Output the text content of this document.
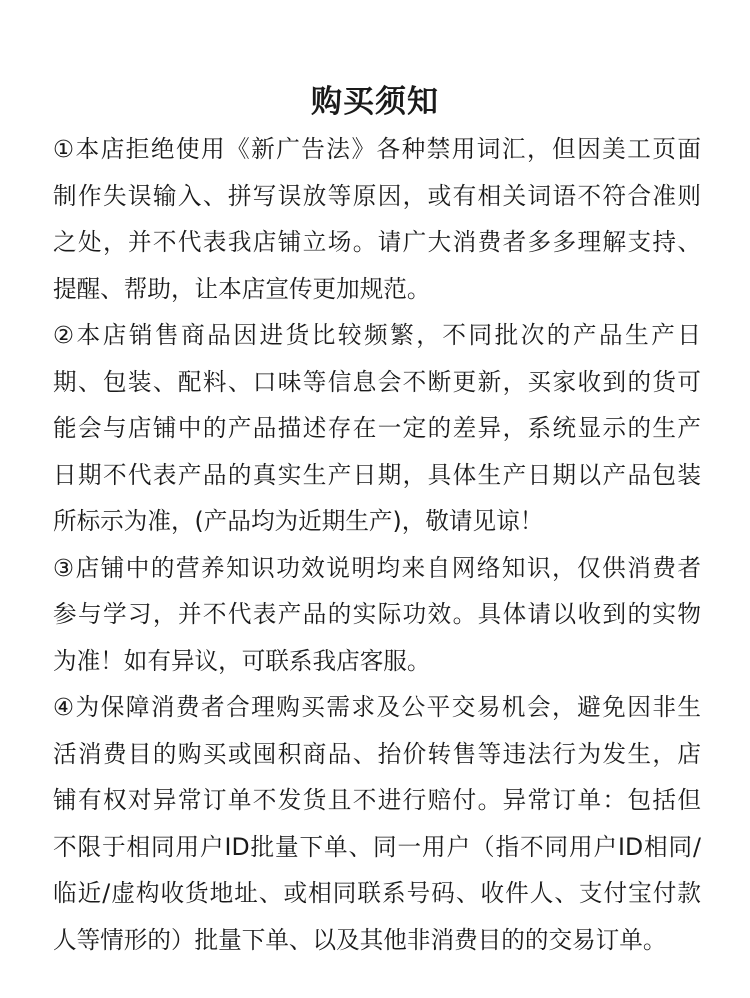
购买须知
①本店拒绝使用《新广告法》各种禁用词汇，但因美工页面
制作失误输入、拼写误放等原因，或有相关词语不符合准则
之处，并不代表我店铺立场。请广大消费者多多理解支持、
提醒、帮助，让本店宣传更加规范。
②本店销售商品因进货比较频繁，不同批次的产品生产日
期、包装、配料、口味等信息会不断更新，买家收到的货可
能会与店铺中的产品描述存在一定的差异，系统显示的生产
日期不代表产品的真实生产日期，具体生产日期以产品包装
所标示为准，(产品均为近期生产)，敬请见谅！
③店铺中的营养知识功效说明均来自网络知识，仅供消费者
参与学习，并不代表产品的实际功效。具体请以收到的实物
为准！如有异议，可联系我店客服。
④为保障消费者合理购买需求及公平交易机会，避免因非生
活消费目的购买或囤积商品、抬价转售等违法行为发生，店
铺有权对异常订单不发货且不进行赔付。异常订单：包括但
不限于相同用户ID批量下单、同一用户（指不同用户ID相同/
临近/虚构收货地址、或相同联系号码、收件人、支付宝付款
人等情形的）批量下单、以及其他非消费目的的交易订单。
